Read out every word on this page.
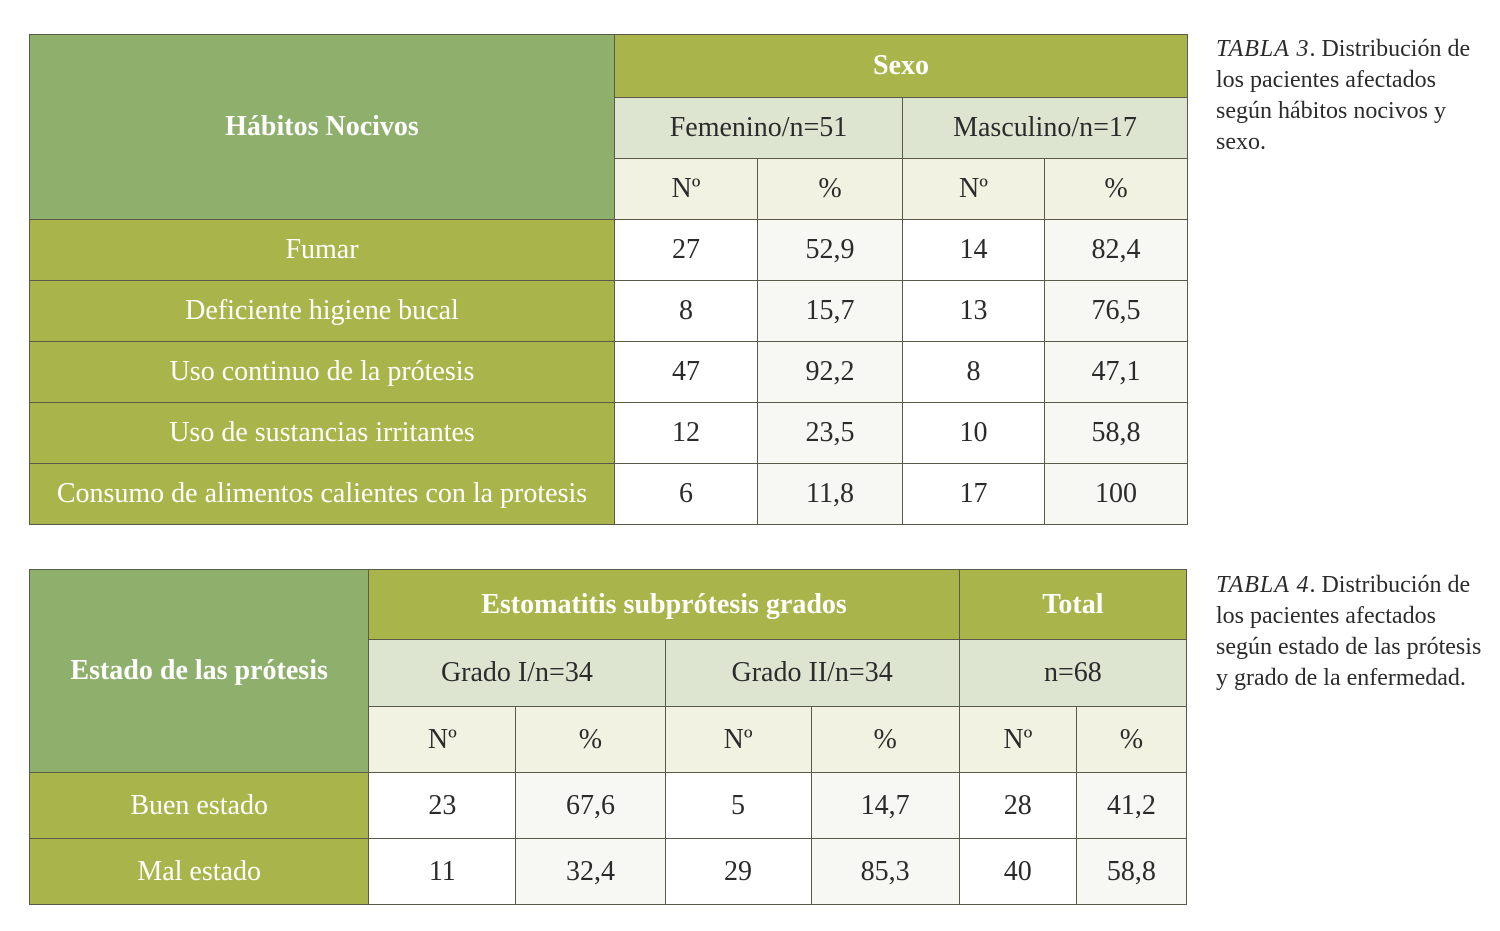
Hábitos Nocivos	Sexo			
	Femenino/n=51		Masculino/n=17	
	Nº	%	Nº	%
Fumar	27	52,9	14	82,4
Deficiente higiene bucal	8	15,7	13	76,5
Uso continuo de la prótesis	47	92,2	8	47,1
Uso de sustancias irritantes	12	23,5	10	58,8
Consumo de alimentos calientes con la protesis	6	11,8	17	100
TABLA 3. Distribución de los pacientes afectados según hábitos nocivos y sexo.
Estado de las prótesis	Estomatitis subprótesis grados				Total	
	Grado I/n=34		Grado II/n=34		n=68	
	Nº	%	Nº	%	Nº	%
Buen estado	23	67,6	5	14,7	28	41,2
Mal estado	11	32,4	29	85,3	40	58,8
TABLA 4. Distribución de los pacientes afectados según estado de las prótesis y grado de la enfermedad.
